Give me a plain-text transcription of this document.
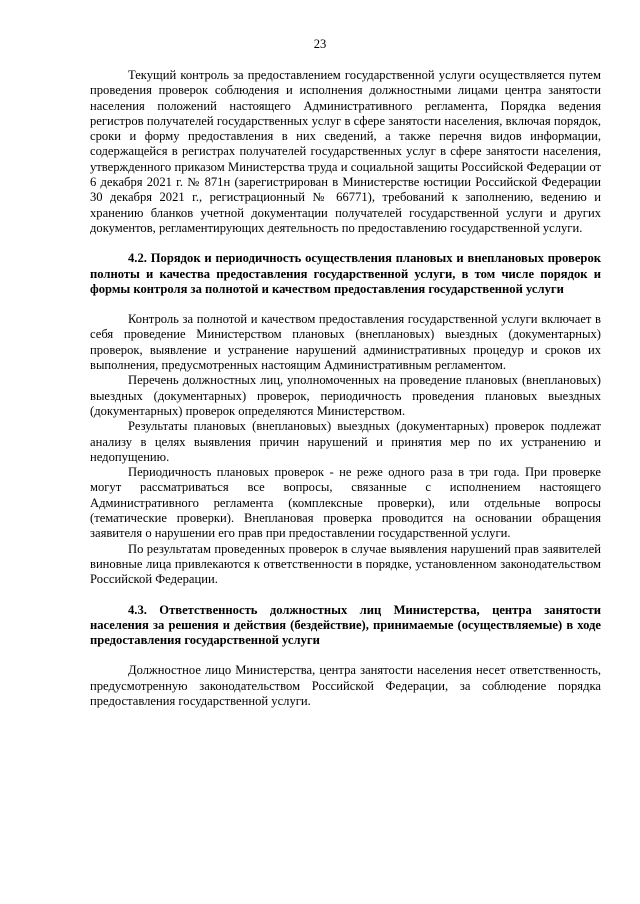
23
Текущий контроль за предоставлением государственной услуги осуществляется путем проведения проверок соблюдения и исполнения должностными лицами центра занятости населения положений настоящего Административного регламента, Порядка ведения регистров получателей государственных услуг в сфере занятости населения, включая порядок, сроки и форму предоставления в них сведений, а также перечня видов информации, содержащейся в регистрах получателей государственных услуг в сфере занятости населения, утвержденного приказом Министерства труда и социальной защиты Российской Федерации от 6 декабря 2021 г. № 871н (зарегистрирован в Министерстве юстиции Российской Федерации 30 декабря 2021 г., регистрационный № 66771), требований к заполнению, ведению и хранению бланков учетной документации получателей государственной услуги и других документов, регламентирующих деятельность по предоставлению государственной услуги.
4.2. Порядок и периодичность осуществления плановых и внеплановых проверок полноты и качества предоставления государственной услуги, в том числе порядок и формы контроля за полнотой и качеством предоставления государственной услуги
Контроль за полнотой и качеством предоставления государственной услуги включает в себя проведение Министерством плановых (внеплановых) выездных (документарных) проверок, выявление и устранение нарушений административных процедур и сроков их выполнения, предусмотренных настоящим Административным регламентом.
Перечень должностных лиц, уполномоченных на проведение плановых (внеплановых) выездных (документарных) проверок, периодичность проведения плановых выездных (документарных) проверок определяются Министерством.
Результаты плановых (внеплановых) выездных (документарных) проверок подлежат анализу в целях выявления причин нарушений и принятия мер по их устранению и недопущению.
Периодичность плановых проверок - не реже одного раза в три года. При проверке могут рассматриваться все вопросы, связанные с исполнением настоящего Административного регламента (комплексные проверки), или отдельные вопросы (тематические проверки). Внеплановая проверка проводится на основании обращения заявителя о нарушении его прав при предоставлении государственной услуги.
По результатам проведенных проверок в случае выявления нарушений прав заявителей виновные лица привлекаются к ответственности в порядке, установленном законодательством Российской Федерации.
4.3. Ответственность должностных лиц Министерства, центра занятости населения за решения и действия (бездействие), принимаемые (осуществляемые) в ходе предоставления государственной услуги
Должностное лицо Министерства, центра занятости населения несет ответственность, предусмотренную законодательством Российской Федерации, за соблюдение порядка предоставления государственной услуги.
